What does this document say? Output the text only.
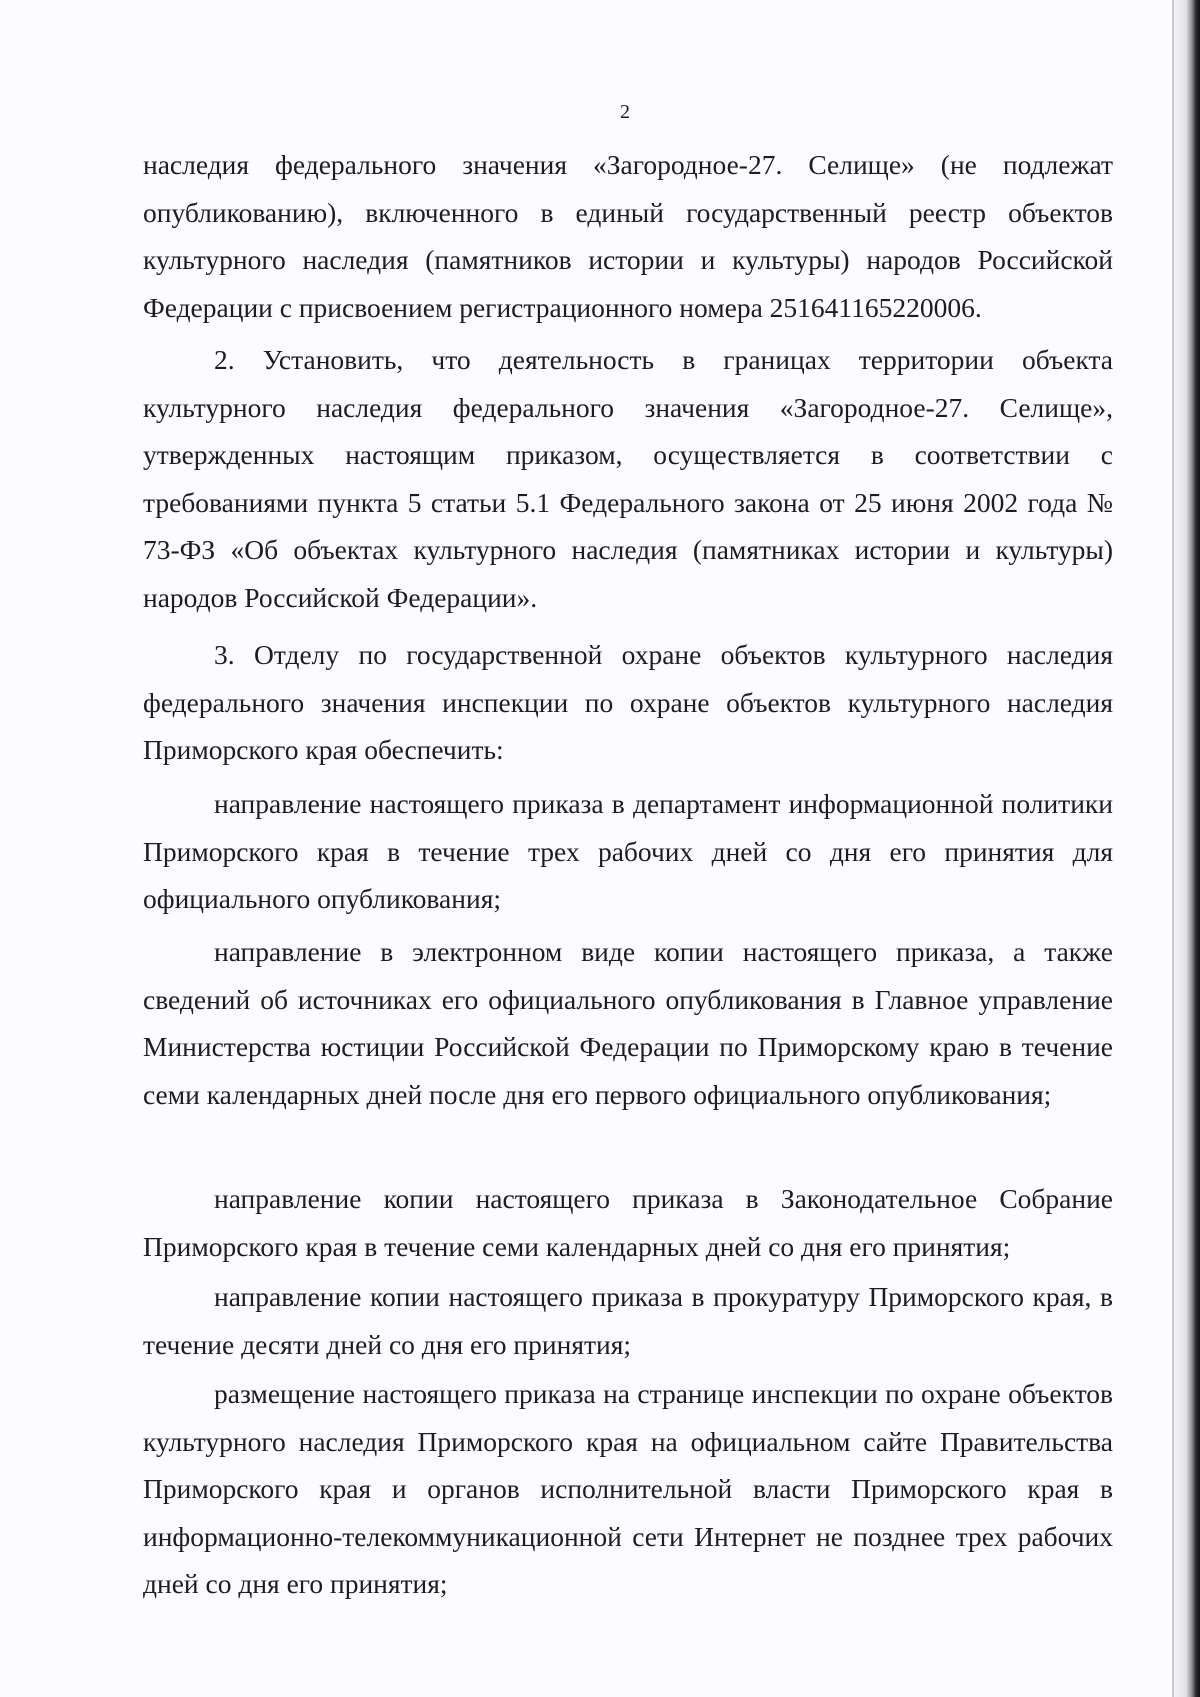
2

наследия федерального значения «Загородное-27. Селище» (не подлежат опубликованию), включенного в единый государственный реестр объектов культурного наследия (памятников истории и культуры) народов Российской Федерации с присвоением регистрационного номера 251641165220006.

2. Установить, что деятельность в границах территории объекта культурного наследия федерального значения «Загородное-27. Селище», утвержденных настоящим приказом, осуществляется в соответствии с требованиями пункта 5 статьи 5.1 Федерального закона от 25 июня 2002 года № 73-ФЗ «Об объектах культурного наследия (памятниках истории и культуры) народов Российской Федерации».

3. Отделу по государственной охране объектов культурного наследия федерального значения инспекции по охране объектов культурного наследия Приморского края обеспечить:

направление настоящего приказа в департамент информационной политики Приморского края в течение трех рабочих дней со дня его принятия для официального опубликования;

направление в электронном виде копии настоящего приказа, а также сведений об источниках его официального опубликования в Главное управление Министерства юстиции Российской Федерации по Приморскому краю в течение семи календарных дней после дня его первого официального опубликования;

направление копии настоящего приказа в Законодательное Собрание Приморского края в течение семи календарных дней со дня его принятия;

направление копии настоящего приказа в прокуратуру Приморского края, в течение десяти дней со дня его принятия;

размещение настоящего приказа на странице инспекции по охране объектов культурного наследия Приморского края на официальном сайте Правительства Приморского края и органов исполнительной власти Приморского края в информационно-телекоммуникационной сети Интернет не позднее трех рабочих дней со дня его принятия;
